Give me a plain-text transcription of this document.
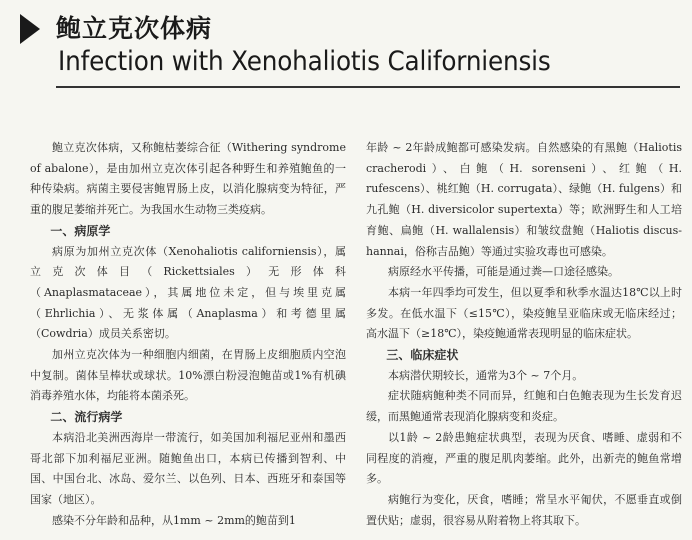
鲍立克次体病
Infection with Xenohaliotis Californiensis

鲍立克次体病，又称鲍枯萎综合征（Withering syndrome of abalone），是由加州立克次体引起各种野生和养殖鲍鱼的一种传染病。病菌主要侵害鲍胃肠上皮，以消化腺病变为特征，严重的腹足萎缩并死亡。为我国水生动物三类疫病。

一、病原学

病原为加州立克次体（Xenohaliotis californiensis），属立克次体目（Rickettsiales）无形体科（Anaplasmataceae），其属地位未定，但与埃里克属（Ehrlichia）、无浆体属（Anaplasma）和考德里属（Cowdria）成员关系密切。

加州立克次体为一种细胞内细菌，在胃肠上皮细胞质内空泡中复制。菌体呈棒状或球状。10%漂白粉浸泡鲍苗或1%有机碘消毒养殖水体，均能将本菌杀死。

二、流行病学

本病沿北美洲西海岸一带流行，如美国加利福尼亚州和墨西哥北部下加利福尼亚洲。随鲍鱼出口，本病已传播到智利、中国、中国台北、冰岛、爱尔兰、以色列、日本、西班牙和泰国等国家（地区）。

感染不分年龄和品种，从1mm ~ 2mm的鲍苗到1

年龄 ~ 2年龄成鲍都可感染发病。自然感染的有黑鲍（Haliotis cracherodi）、白鲍（H. sorenseni）、红鲍（H. rufescens）、桃红鲍（H. corrugata）、绿鲍（H. fulgens）和九孔鲍（H. diversicolor supertexta）等；欧洲野生和人工培育鲍、扁鲍（H. wallalensis）和皱纹盘鲍（Haliotis discus-hannai，俗称吉品鲍）等通过实验攻毒也可感染。

病原经水平传播，可能是通过粪—口途径感染。

本病一年四季均可发生，但以夏季和秋季水温达18℃以上时多发。在低水温下（≤15℃），染疫鲍呈亚临床或无临床经过；高水温下（≥18℃），染疫鲍通常表现明显的临床症状。

三、临床症状

本病潜伏期较长，通常为3个 ~ 7个月。

症状随病鲍种类不同而异，红鲍和白色鲍表现为生长发育迟缓，而黑鲍通常表现消化腺病变和炎症。

以1龄 ~ 2龄患鲍症状典型，表现为厌食、嗜睡、虚弱和不同程度的消瘦，严重的腹足肌肉萎缩。此外，出新壳的鲍鱼常增多。

病鲍行为变化，厌食，嗜睡；常呈水平匍伏，不愿垂直或倒置伏贴；虚弱，很容易从附着物上将其取下。
